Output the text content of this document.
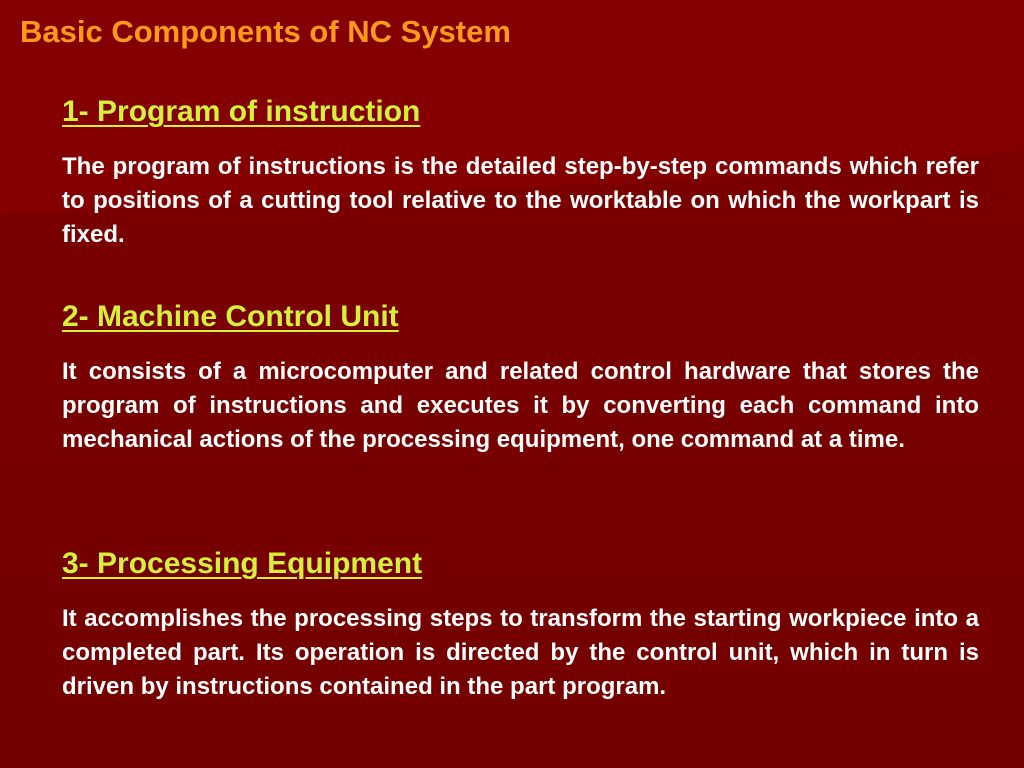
Basic Components of NC System
1- Program of instruction

The program of instructions is the detailed step-by-step commands which refer to positions of a cutting tool relative to the worktable on which the workpart is fixed.

2- Machine Control Unit

It consists of a microcomputer and related control hardware that stores the program of instructions and executes it by converting each command into mechanical actions of the processing equipment, one command at a time.

3- Processing Equipment

It accomplishes the processing steps to transform the starting workpiece into a completed part. Its operation is directed by the control unit, which in turn is driven by instructions contained in the part program.
